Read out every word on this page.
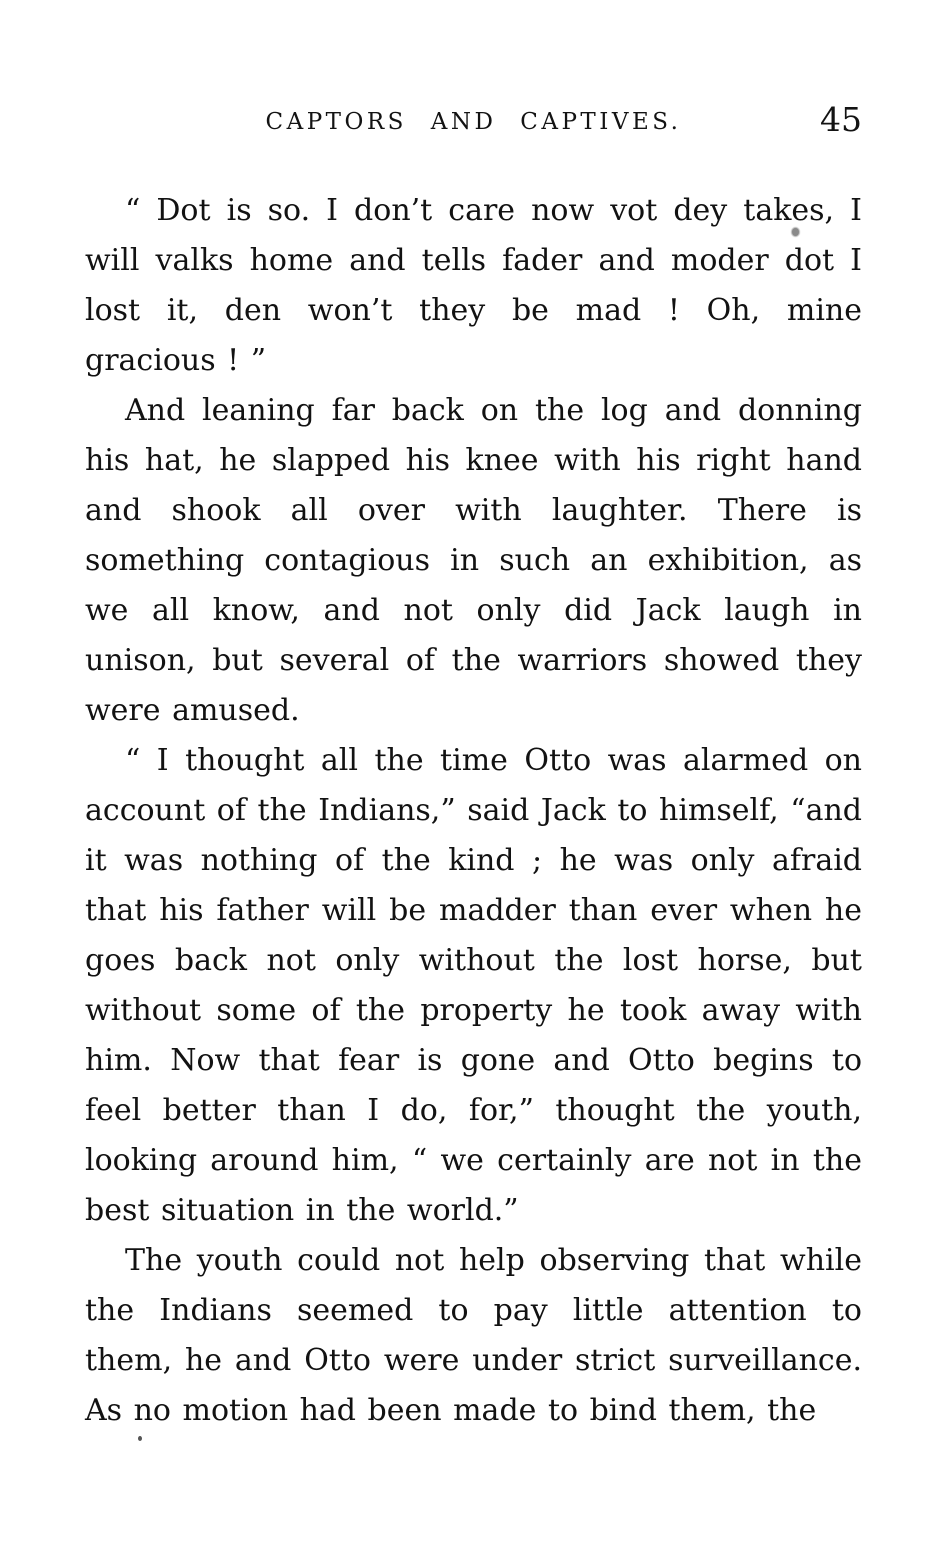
CAPTORS AND CAPTIVES.	45

“ Dot is so. I don’t care now vot dey takes, I will valks home and tells fader and moder dot I lost it, den won’t they be mad ! Oh, mine gracious ! ”

And leaning far back on the log and donning his hat, he slapped his knee with his right hand and shook all over with laughter. There is something contagious in such an exhibition, as we all know, and not only did Jack laugh in unison, but several of the warriors showed they were amused.

“ I thought all the time Otto was alarmed on account of the Indians,” said Jack to himself, “and it was nothing of the kind ; he was only afraid that his father will be madder than ever when he goes back not only without the lost horse, but without some of the property he took away with him. Now that fear is gone and Otto begins to feel better than I do, for,” thought the youth, looking around him, “ we certainly are not in the best situation in the world.”

The youth could not help observing that while the Indians seemed to pay little attention to them, he and Otto were under strict surveillance. As no motion had been made to bind them, the
